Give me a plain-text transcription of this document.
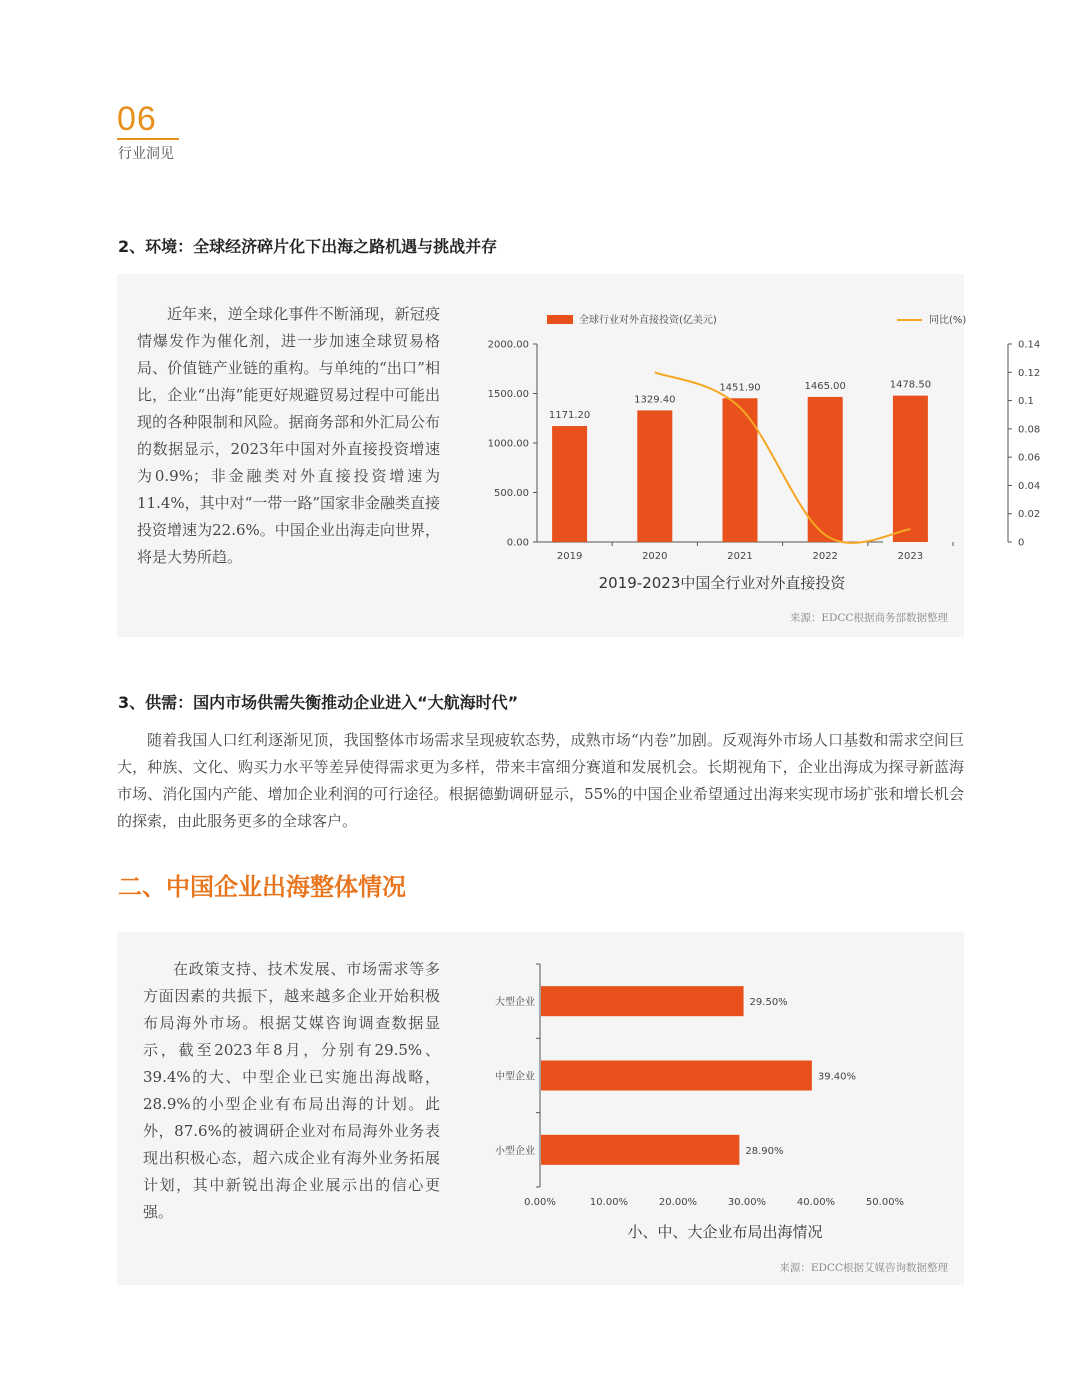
06
行业洞见
2、环境：全球经济碎片化下出海之路机遇与挑战并存

近年来，逆全球化事件不断涌现，新冠疫情爆发作为催化剂，进一步加速全球贸易格局、价值链产业链的重构。与单纯的“出口”相比，企业“出海”能更好规避贸易过程中可能出现的各种限制和风险。据商务部和外汇局公布的数据显示，2023年中国对外直接投资增速为0.9%；非金融类对外直接投资增速为11.4%，其中对“一带一路”国家非金融类直接投资增速为22.6%。中国企业出海走向世界，将是大势所趋。

全球行业对外直接投资(亿美元)	同比(%)
0.00
500.00
1000.00
1500.00
2000.00
0
0.02
0.04
0.06
0.08
0.1
0.12
0.14
2019	2020	2021	2022	2023
1171.20
1329.40
1451.90	1465.00	1478.50
2019-2023中国全行业对外直接投资
来源：EDCC根据商务部数据整理
3、供需：国内市场供需失衡推动企业进入“大航海时代”

随着我国人口红利逐渐见顶，我国整体市场需求呈现疲软态势，成熟市场“内卷”加剧。反观海外市场人口基数和需求空间巨大，种族、文化、购买力水平等差异使得需求更为多样，带来丰富细分赛道和发展机会。长期视角下，企业出海成为探寻新蓝海市场、消化国内产能、增加企业利润的可行途径。根据德勤调研显示，55%的中国企业希望通过出海来实现市场扩张和增长机会的探索，由此服务更多的全球客户。

二、中国企业出海整体情况

在政策支持、技术发展、市场需求等多方面因素的共振下，越来越多企业开始积极布局海外市场。根据艾媒咨询调查数据显示，截至2023年8月，分别有29.5%、39.4%的大、中型企业已实施出海战略，28.9%的小型企业有布局出海的计划。此外，87.6%的被调研企业对布局海外业务表现出积极心态，超六成企业有海外业务拓展计划，其中新锐出海企业展示出的信心更强。

0.00%	10.00%	20.00%	30.00%	40.00%	50.00%
大型企业
中型企业
小型企业
29.50%
39.40%
28.90%
小、中、大企业布局出海情况
来源：EDCC根据艾媒咨询数据整理
